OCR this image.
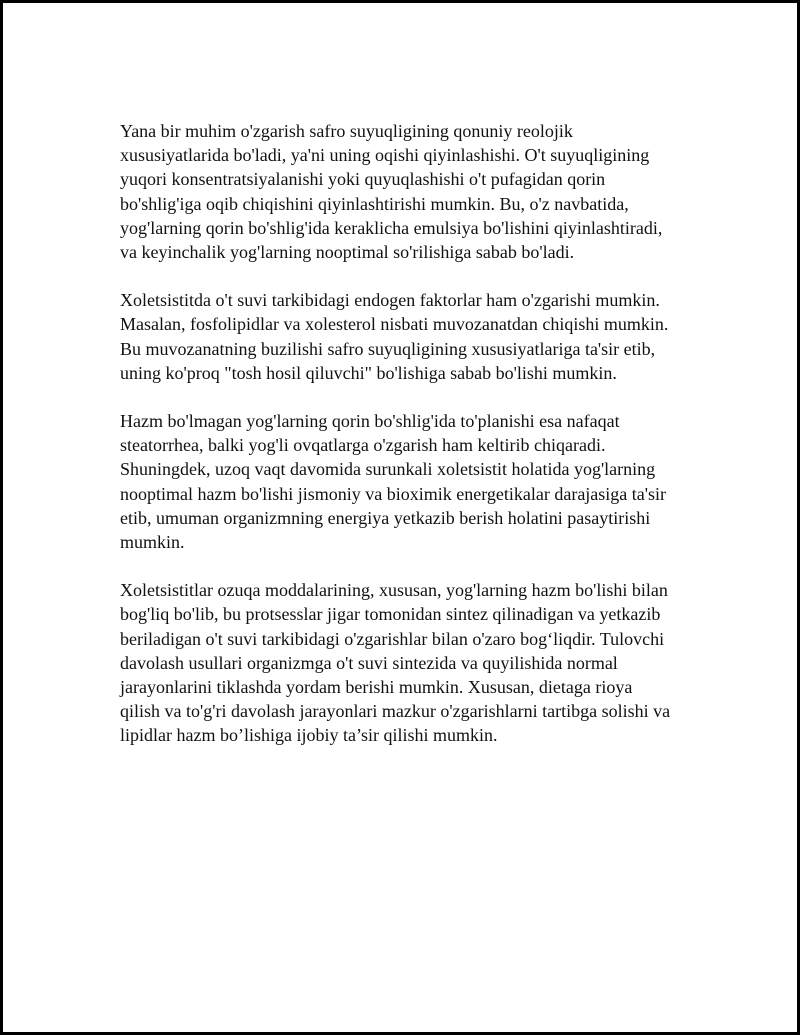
Yana bir muhim o'zgarish safro suyuqligining qonuniy reolojik
xususiyatlarida bo'ladi, ya'ni uning oqishi qiyinlashishi. O't suyuqligining
yuqori konsentratsiyalanishi yoki quyuqlashishi o't pufagidan qorin
bo'shlig'iga oqib chiqishini qiyinlashtirishi mumkin. Bu, o'z navbatida,
yog'larning qorin bo'shlig'ida keraklicha emulsiya bo'lishini qiyinlashtiradi,
va keyinchalik yog'larning nooptimal so'rilishiga sabab bo'ladi.

Xoletsistitda o't suvi tarkibidagi endogen faktorlar ham o'zgarishi mumkin.
Masalan, fosfolipidlar va xolesterol nisbati muvozanatdan chiqishi mumkin.
Bu muvozanatning buzilishi safro suyuqligining xususiyatlariga ta'sir etib,
uning ko'proq "tosh hosil qiluvchi" bo'lishiga sabab bo'lishi mumkin.

Hazm bo'lmagan yog'larning qorin bo'shlig'ida to'planishi esa nafaqat
steatorrhea, balki yog'li ovqatlarga o'zgarish ham keltirib chiqaradi.
Shuningdek, uzoq vaqt davomida surunkali xoletsistit holatida yog'larning
nooptimal hazm bo'lishi jismoniy va bioximik energetikalar darajasiga ta'sir
etib, umuman organizmning energiya yetkazib berish holatini pasaytirishi
mumkin.

Xoletsistitlar ozuqa moddalarining, xususan, yog'larning hazm bo'lishi bilan
bog'liq bo'lib, bu protsesslar jigar tomonidan sintez qilinadigan va yetkazib
beriladigan o't suvi tarkibidagi o'zgarishlar bilan o'zaro bog‘liqdir. Tulovchi
davolash usullari organizmga o't suvi sintezida va quyilishida normal
jarayonlarini tiklashda yordam berishi mumkin. Xususan, dietaga rioya
qilish va to'g'ri davolash jarayonlari mazkur o'zgarishlarni tartibga solishi va
lipidlar hazm bo’lishiga ijobiy ta’sir qilishi mumkin.
